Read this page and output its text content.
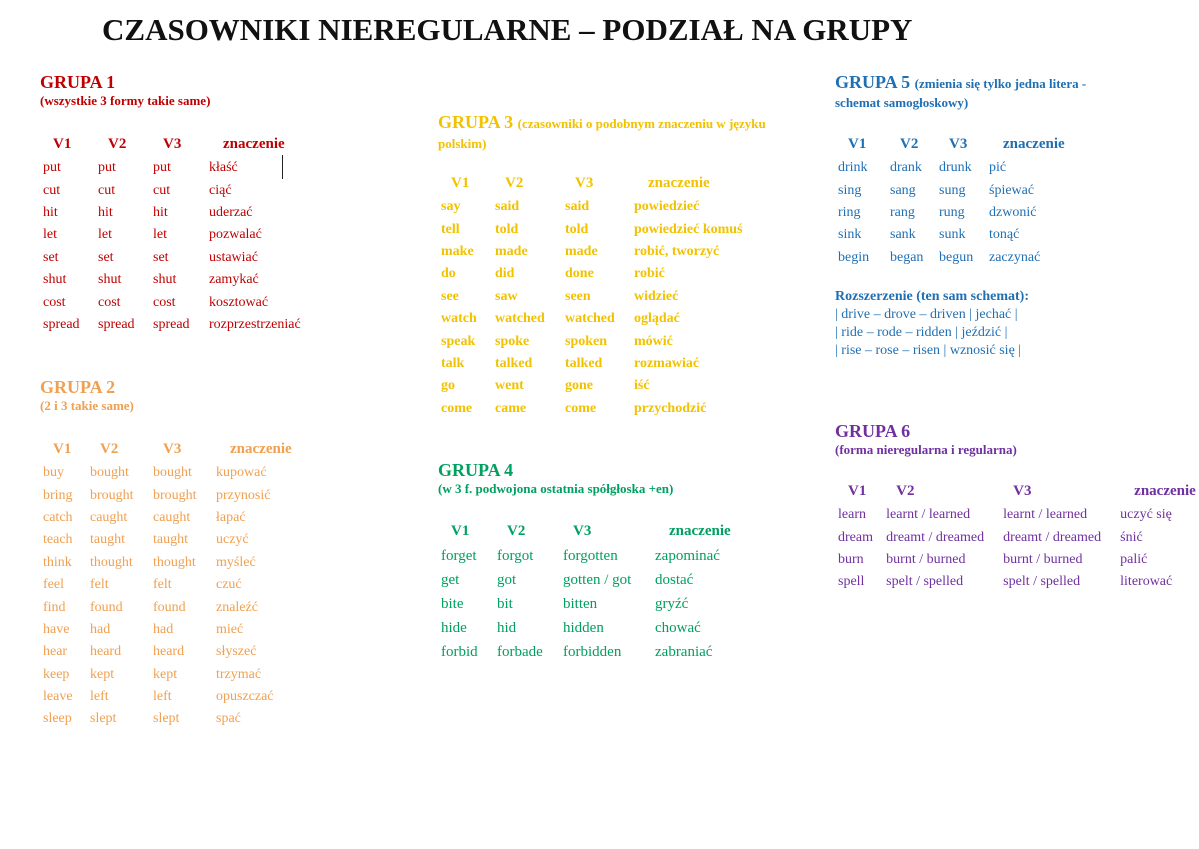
CZASOWNIKI NIEREGULARNE – PODZIAŁ NA GRUPY
GRUPA 1
(wszystkie 3 formy takie same)
V1	V2	V3	znaczenie
put	put	put	kłaść
cut	cut	cut	ciąć
hit	hit	hit	uderzać
let	let	let	pozwalać
set	set	set	ustawiać
shut	shut	shut	zamykać
cost	cost	cost	kosztować
spread	spread	spread	rozprzestrzeniać
GRUPA 2
(2 i 3 takie same)
V1	V2	V3	znaczenie
buy	bought	bought	kupować
bring	brought	brought	przynosić
catch	caught	caught	łapać
teach	taught	taught	uczyć
think	thought	thought	myśleć
feel	felt	felt	czuć
find	found	found	znaleźć
have	had	had	mieć
hear	heard	heard	słyszeć
keep	kept	kept	trzymać
leave	left	left	opuszczać
sleep	slept	slept	spać
GRUPA 3 (czasowniki o podobnym znaczeniu w języku polskim)
V1	V2	V3	znaczenie
say	said	said	powiedzieć
tell	told	told	powiedzieć komuś
make	made	made	robić, tworzyć
do	did	done	robić
see	saw	seen	widzieć
watch	watched	watched	oglądać
speak	spoke	spoken	mówić
talk	talked	talked	rozmawiać
go	went	gone	iść
come	came	come	przychodzić
GRUPA 4
(w 3 f. podwojona ostatnia spółgłoska +en)
V1	V2	V3	znaczenie
forget	forgot	forgotten	zapominać
get	got	gotten / got	dostać
bite	bit	bitten	gryźć
hide	hid	hidden	chować
forbid	forbade	forbidden	zabraniać
GRUPA 5 (zmienia się tylko jedna litera -
schemat samogłoskowy)
V1	V2	V3	znaczenie
drink	drank	drunk	pić
sing	sang	sung	śpiewać
ring	rang	rung	dzwonić
sink	sank	sunk	tonąć
begin	began	begun	zaczynać
Rozszerzenie (ten sam schemat):
| drive – drove – driven | jechać |
| ride – rode – ridden | jeździć |
| rise – rose – risen | wznosić się |
GRUPA 6
(forma nieregularna i regularna)
V1	V2	V3	znaczenie
learn	learnt / learned	learnt / learned	uczyć się
dream	dreamt / dreamed	dreamt / dreamed	śnić
burn	burnt / burned	burnt / burned	palić
spell	spelt / spelled	spelt / spelled	literować
